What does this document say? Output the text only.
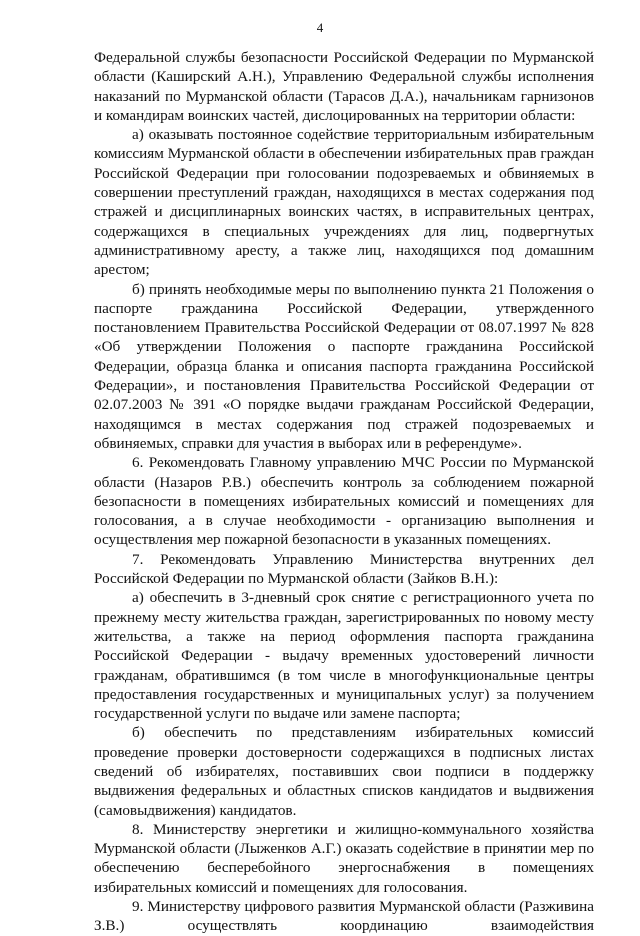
4

Федеральной службы безопасности Российской Федерации по Мурманской области (Каширский А.Н.), Управлению Федеральной службы исполнения наказаний по Мурманской области (Тарасов Д.А.), начальникам гарнизонов и командирам воинских частей, дислоцированных на территории области:

а) оказывать постоянное содействие территориальным избирательным комиссиям Мурманской области в обеспечении избирательных прав граждан Российской Федерации при голосовании подозреваемых и обвиняемых в совершении преступлений граждан, находящихся в местах содержания под стражей и дисциплинарных воинских частях, в исправительных центрах, содержащихся в специальных учреждениях для лиц, подвергнутых административному аресту, а также лиц, находящихся под домашним арестом;

б) принять необходимые меры по выполнению пункта 21 Положения о паспорте гражданина Российской Федерации, утвержденного постановлением Правительства Российской Федерации от 08.07.1997 № 828 «Об утверждении Положения о паспорте гражданина Российской Федерации, образца бланка и описания паспорта гражданина Российской Федерации», и постановления Правительства Российской Федерации от 02.07.2003 № 391 «О порядке выдачи гражданам Российской Федерации, находящимся в местах содержания под стражей подозреваемых и обвиняемых, справки для участия в выборах или в референдуме».

6. Рекомендовать Главному управлению МЧС России по Мурманской области (Назаров Р.В.) обеспечить контроль за соблюдением пожарной безопасности в помещениях избирательных комиссий и помещениях для голосования, а в случае необходимости - организацию выполнения и осуществления мер пожарной безопасности в указанных помещениях.

7. Рекомендовать Управлению Министерства внутренних дел Российской Федерации по Мурманской области (Зайков В.Н.):

а) обеспечить в 3-дневный срок снятие с регистрационного учета по прежнему месту жительства граждан, зарегистрированных по новому месту жительства, а также на период оформления паспорта гражданина Российской Федерации - выдачу временных удостоверений личности гражданам, обратившимся (в том числе в многофункциональные центры предоставления государственных и муниципальных услуг) за получением государственной услуги по выдаче или замене паспорта;

б) обеспечить по представлениям избирательных комиссий проведение проверки достоверности содержащихся в подписных листах сведений об избирателях, поставивших свои подписи в поддержку выдвижения федеральных и областных списков кандидатов и выдвижения (самовыдвижения) кандидатов.

8. Министерству энергетики и жилищно-коммунального хозяйства Мурманской области (Лыженков А.Г.) оказать содействие в принятии мер по обеспечению бесперебойного энергоснабжения в помещениях избирательных комиссий и помещениях для голосования.

9. Министерству цифрового развития Мурманской области (Разживина З.В.) осуществлять координацию взаимодействия
